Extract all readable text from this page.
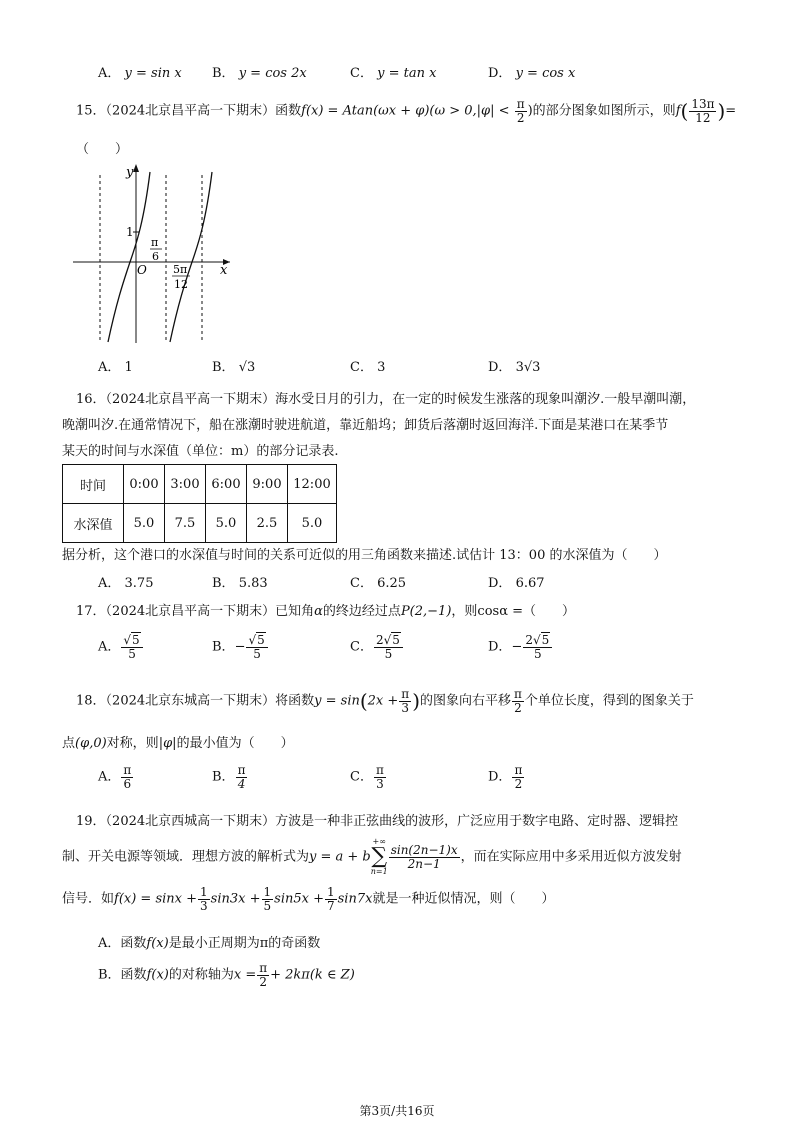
A． y = sin x B． y = cos 2x	C． y = tan x	D． y = cos x
15．（2024北京昌平高一下期末）函数$f(x) = Atan(\omega x + \varphi)(\omega > 0,|\varphi| < \frac{\pi}{2}$ )的部分图象如图所示，则$f( \frac{13\pi}{12}$ )=
（　　）
y
x
O
1
π
6
5π
12
A． 1	B． √3	C． 3	D． 3√3
16．（2024北京昌平高一下期末）海水受日月的引力，在一定的时候发生涨落的现象叫潮汐.一般早潮叫潮，
晚潮叫汐.在通常情况下，船在涨潮时驶进航道，靠近船坞；卸货后落潮时返回海洋.下面是某港口在某季节
某天的时间与水深值（单位：m）的部分记录表.
时间	0:00	3:00	6:00	9:00	12:00
水深值	5.0	7.5	5.0	2.5	5.0
据分析，这个港口的水深值与时间的关系可近似的用三角函数来描述.试估计 13：00 的水深值为（　　）
A． 3.75	B． 5.83	C． 6.25	D． 6.67
17．（2024北京昌平高一下期末）已知角α的终边经过点P(2,−1)，则cosα =（　　）
A． $\frac{√5}{5}$	B．− $\frac{√5}{5}$	C． $\frac{2√5}{5}$	D．− $\frac{2√5}{5}$
18．（2024北京东城高一下期末）将函数$y = \sin(2x + \frac{\pi}{3}$ )的图象向右平移 $\frac{\pi}{2}$ 个单位长度，得到的图象关于
点(φ,0)对称，则|φ|的最小值为（　　）
A． $\frac{\pi}{6}$	B． $\frac{\pi}{4}$	C． $\frac{\pi}{3}$	D． $\frac{\pi}{2}$
19．（2024北京西城高一下期末）方波是一种非正弦曲线的波形，广泛应用于数字电路、定时器、逻辑控
制、开关电源等领域．理想方波的解析式为y = a + b
+∞
∑
n=1
$\frac{\sin(2n-1)x}{2n-1}$ ，而在实际应用中多采用近似方波发射
信号．如$f(x) = \sin x + \frac{1}{3} \sin 3x + \frac{1}{5} \sin 5x + \frac{1}{7} \sin 7x$就是一种近似情况，则（　　）
A．函数f(x)是最小正周期为π的奇函数
B．函数f(x)的对称轴为$x = \frac{\pi}{2} + 2k\pi(k$ ∈ Z)
第3页/共16页
